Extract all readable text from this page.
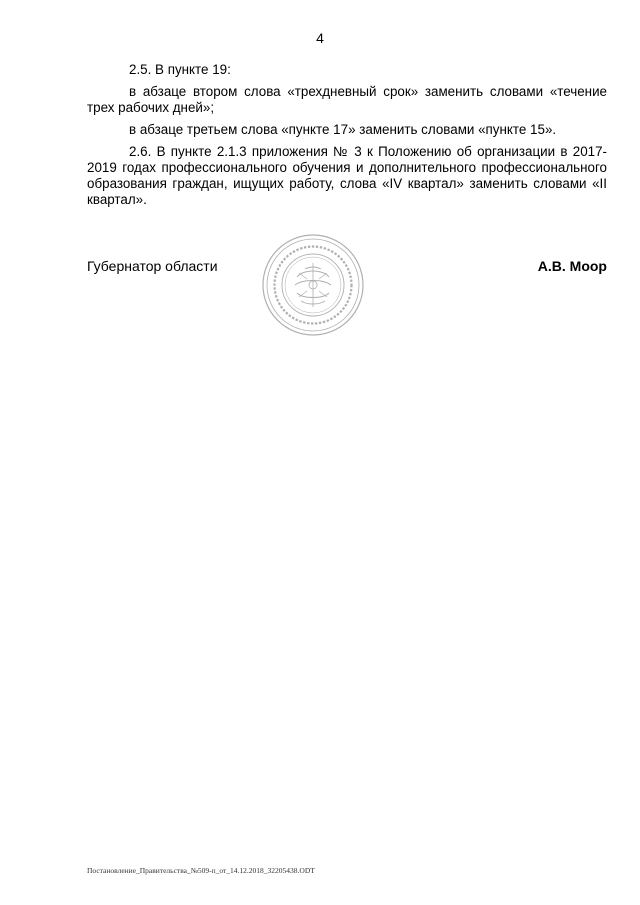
4

2.5. В пункте 19:

в абзаце втором слова «трехдневный срок» заменить словами «течение трех рабочих дней»;

в абзаце третьем слова «пункте 17» заменить словами «пункте 15».

2.6. В пункте 2.1.3 приложения № 3 к Положению об организации в 2017-2019 годах профессионального обучения и дополнительного профессионального образования граждан, ищущих работу, слова «IV квартал» заменить словами «II квартал».

Губернатор области	А.В. Моор
Постановление_Правительства_№509-п_от_14.12.2018_32205438.ODT
